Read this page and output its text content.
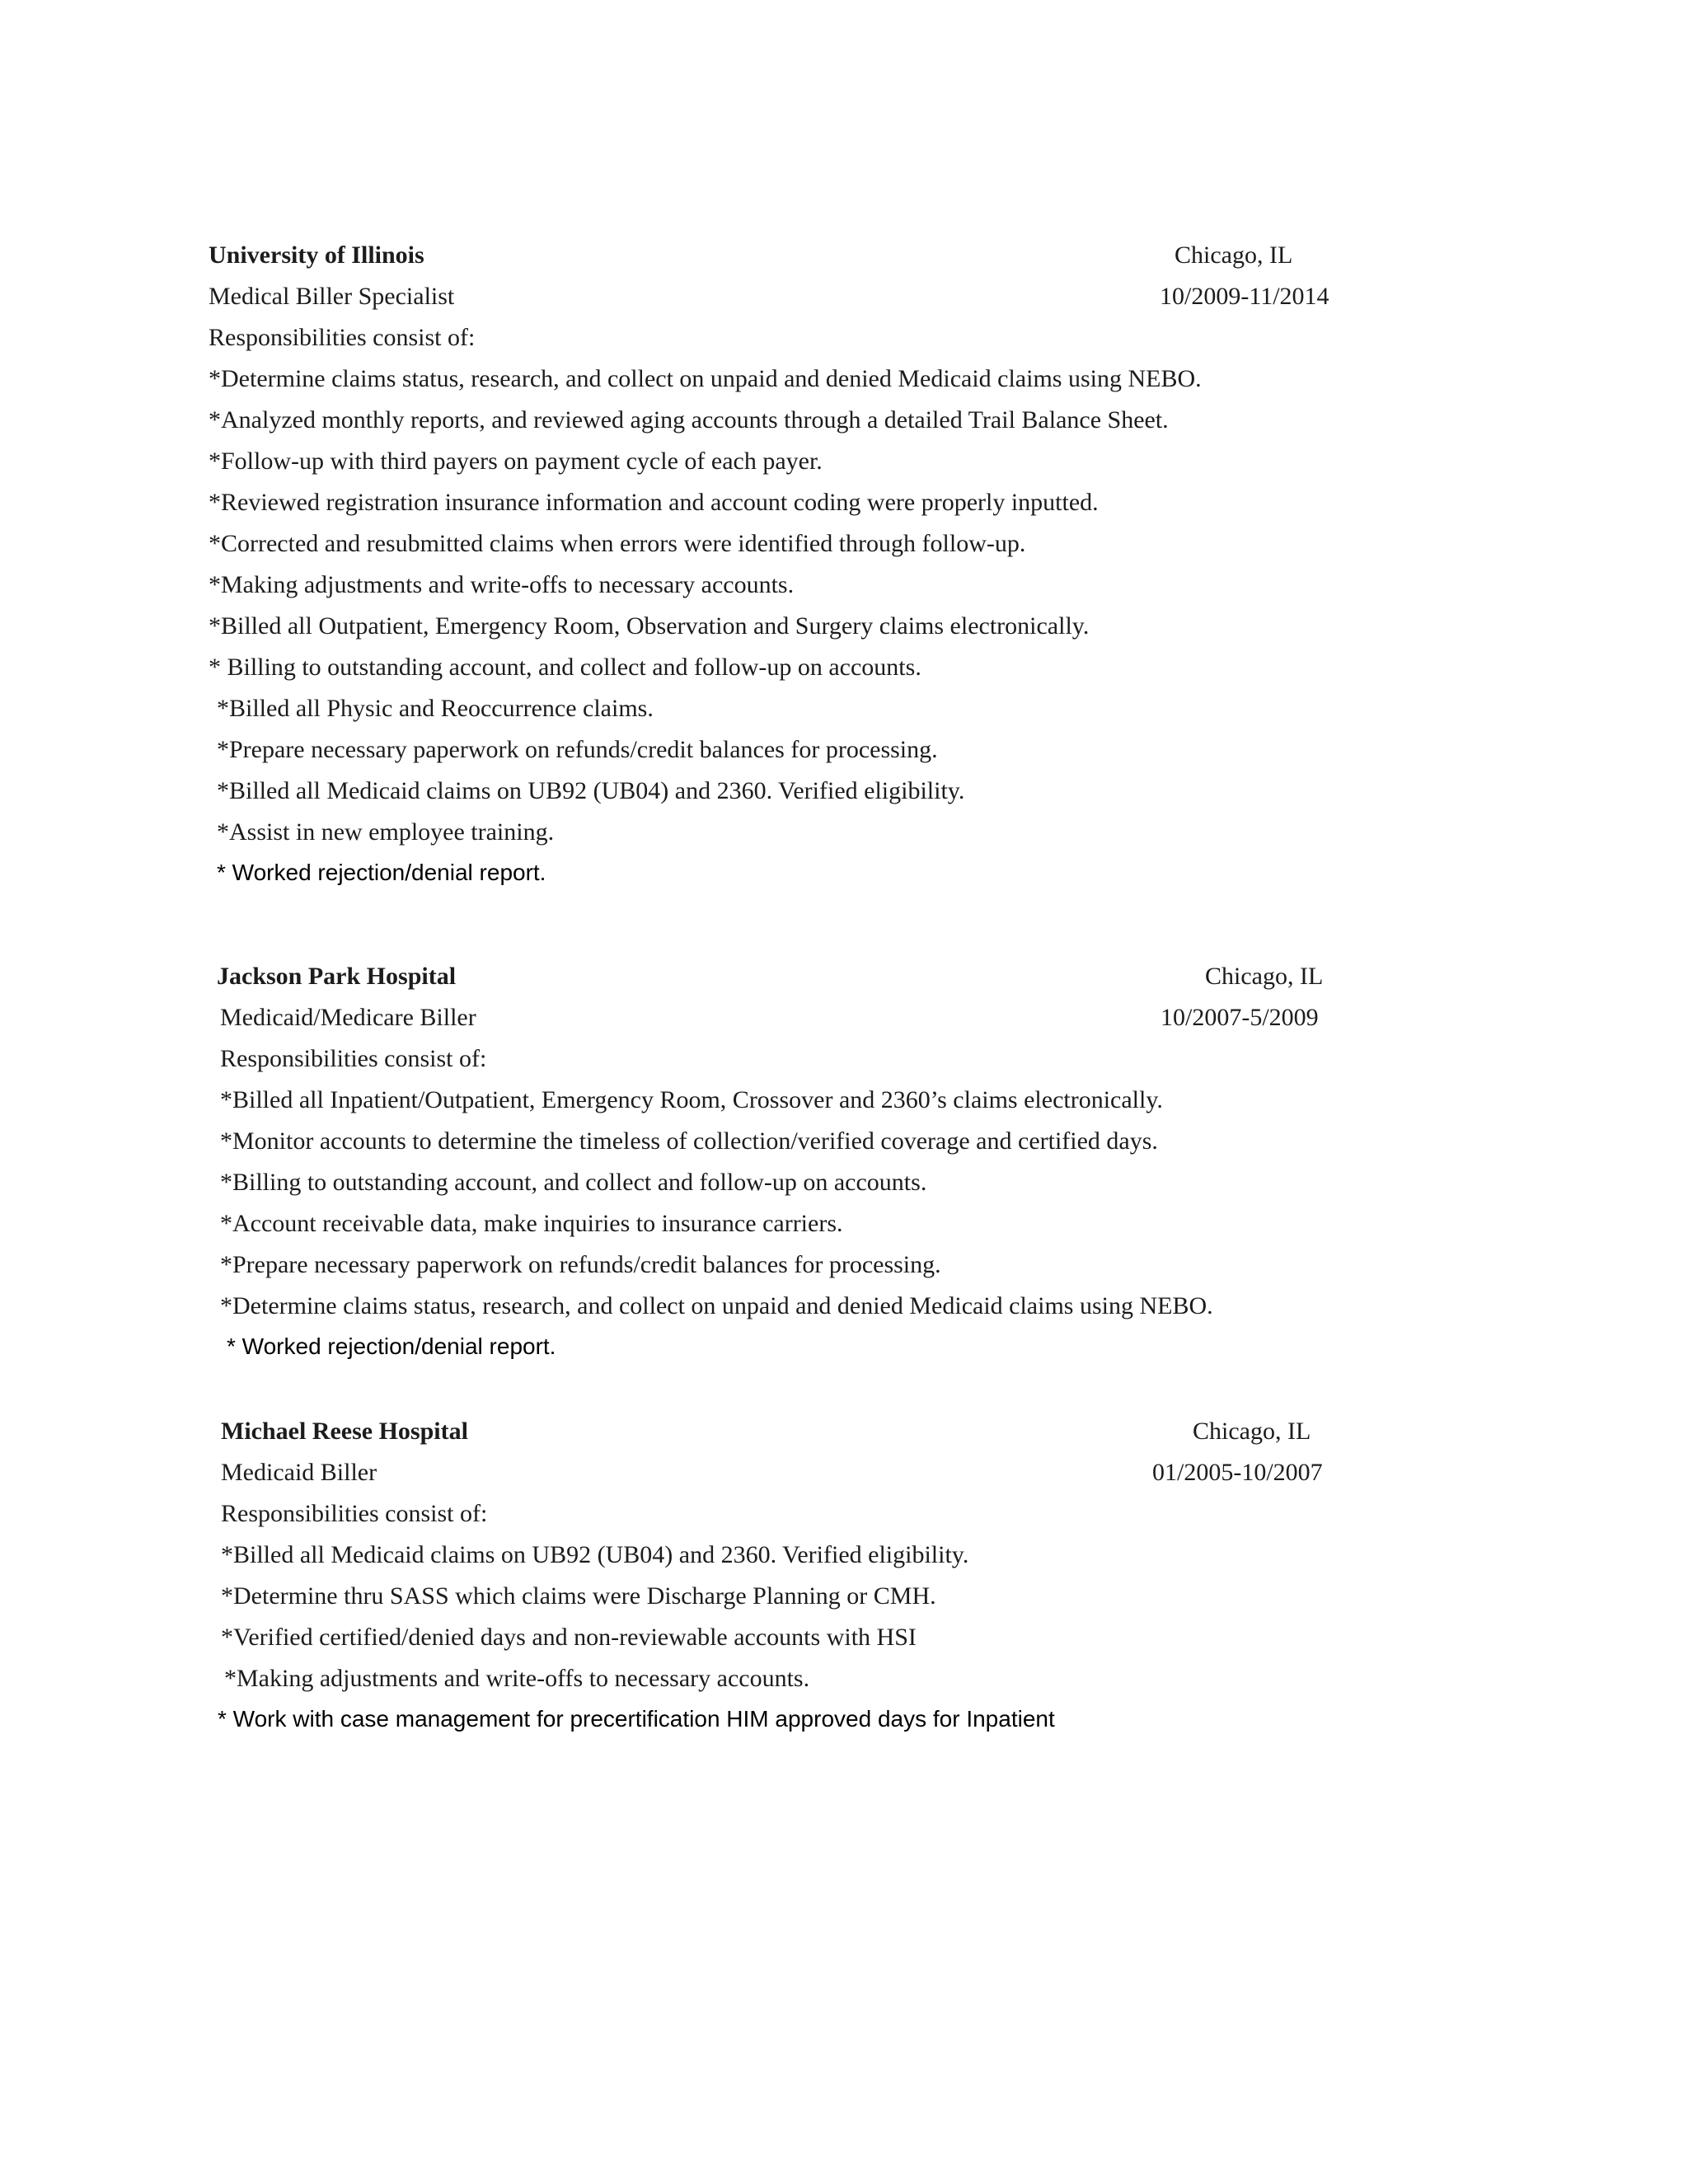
University of Illinois	Chicago, IL
Medical Biller Specialist	10/2009-11/2014
Responsibilities consist of:
*Determine claims status, research, and collect on unpaid and denied Medicaid claims using NEBO.
*Analyzed monthly reports, and reviewed aging accounts through a detailed Trail Balance Sheet.
*Follow-up with third payers on payment cycle of each payer.
*Reviewed registration insurance information and account coding were properly inputted.
*Corrected and resubmitted claims when errors were identified through follow-up.
*Making adjustments and write-offs to necessary accounts.
*Billed all Outpatient, Emergency Room, Observation and Surgery claims electronically.
* Billing to outstanding account, and collect and follow-up on accounts.
*Billed all Physic and Reoccurrence claims.
*Prepare necessary paperwork on refunds/credit balances for processing.
*Billed all Medicaid claims on UB92 (UB04) and 2360. Verified eligibility.
*Assist in new employee training.
* Worked rejection/denial report.
Jackson Park Hospital	Chicago, IL
Medicaid/Medicare Biller	10/2007-5/2009
Responsibilities consist of:
*Billed all Inpatient/Outpatient, Emergency Room, Crossover and 2360’s claims electronically.
*Monitor accounts to determine the timeless of collection/verified coverage and certified days.
*Billing to outstanding account, and collect and follow-up on accounts.
*Account receivable data, make inquiries to insurance carriers.
*Prepare necessary paperwork on refunds/credit balances for processing.
*Determine claims status, research, and collect on unpaid and denied Medicaid claims using NEBO.
* Worked rejection/denial report.
Michael Reese Hospital	Chicago, IL
Medicaid Biller	01/2005-10/2007
Responsibilities consist of:
*Billed all Medicaid claims on UB92 (UB04) and 2360. Verified eligibility.
*Determine thru SASS which claims were Discharge Planning or CMH.
*Verified certified/denied days and non-reviewable accounts with HSI
*Making adjustments and write-offs to necessary accounts.
* Work with case management for precertification HIM approved days for Inpatient
